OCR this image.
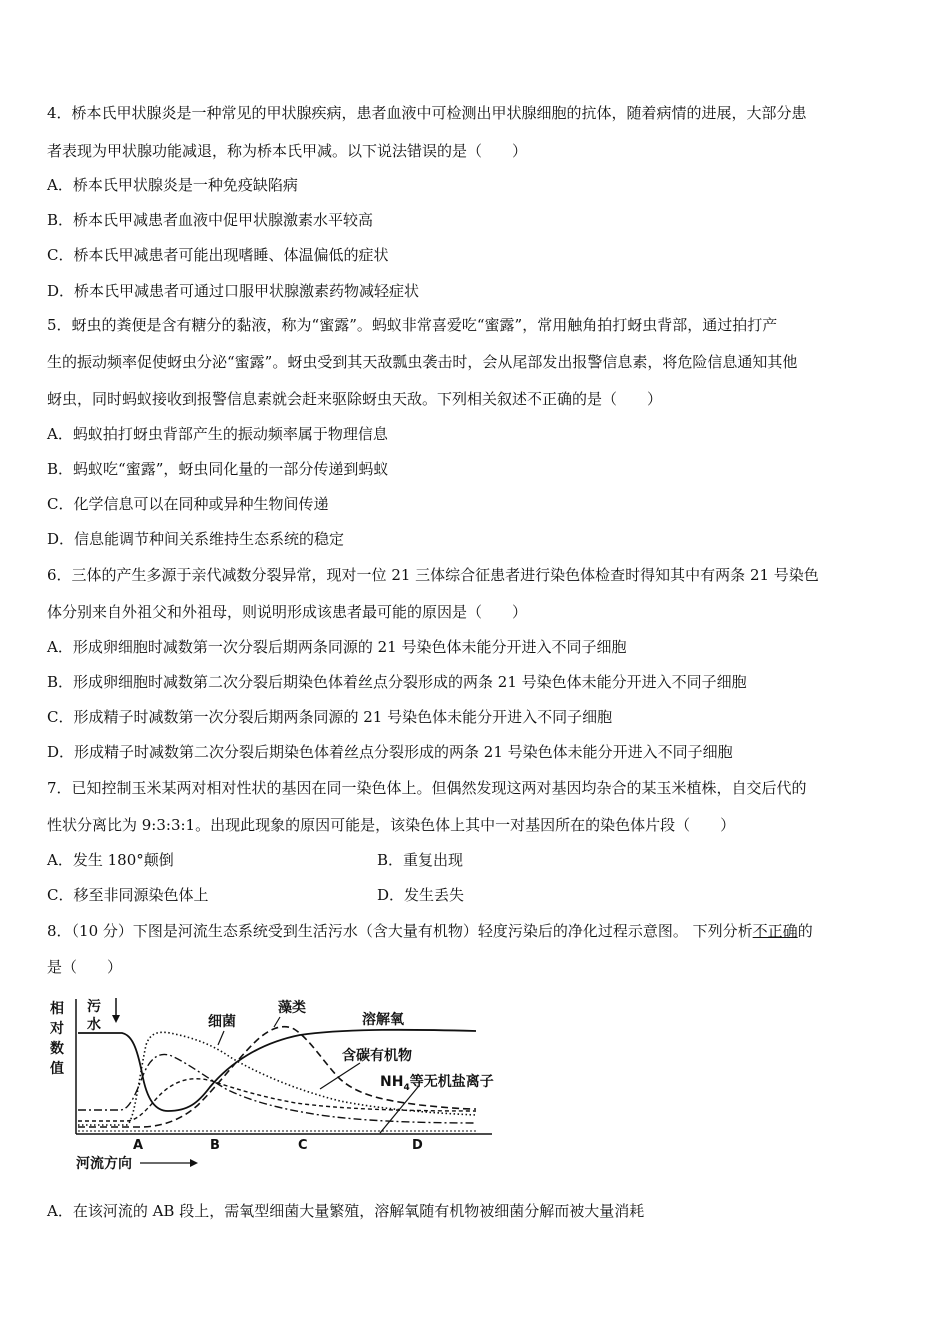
4．桥本氏甲状腺炎是一种常见的甲状腺疾病，患者血液中可检测出甲状腺细胞的抗体，随着病情的进展，大部分患
者表现为甲状腺功能减退，称为桥本氏甲减。以下说法错误的是（　　）
A．桥本氏甲状腺炎是一种免疫缺陷病
B．桥本氏甲减患者血液中促甲状腺激素水平较高
C．桥本氏甲减患者可能出现嗜睡、体温偏低的症状
D．桥本氏甲减患者可通过口服甲状腺激素药物减轻症状
5．蚜虫的粪便是含有糖分的黏液，称为“蜜露”。蚂蚁非常喜爱吃“蜜露”，常用触角拍打蚜虫背部，通过拍打产
生的振动频率促使蚜虫分泌“蜜露”。蚜虫受到其天敌瓢虫袭击时，会从尾部发出报警信息素，将危险信息通知其他
蚜虫，同时蚂蚁接收到报警信息素就会赶来驱除蚜虫天敌。下列相关叙述不正确的是（　　）
A．蚂蚁拍打蚜虫背部产生的振动频率属于物理信息
B．蚂蚁吃“蜜露”，蚜虫同化量的一部分传递到蚂蚁
C．化学信息可以在同种或异种生物间传递
D．信息能调节种间关系维持生态系统的稳定
6．三体的产生多源于亲代减数分裂异常，现对一位 21 三体综合征患者进行染色体检查时得知其中有两条 21 号染色
体分别来自外祖父和外祖母，则说明形成该患者最可能的原因是（　　）
A．形成卵细胞时减数第一次分裂后期两条同源的 21 号染色体未能分开进入不同子细胞
B．形成卵细胞时减数第二次分裂后期染色体着丝点分裂形成的两条 21 号染色体未能分开进入不同子细胞
C．形成精子时减数第一次分裂后期两条同源的 21 号染色体未能分开进入不同子细胞
D．形成精子时减数第二次分裂后期染色体着丝点分裂形成的两条 21 号染色体未能分开进入不同子细胞
7．已知控制玉米某两对相对性状的基因在同一染色体上。但偶然发现这两对基因均杂合的某玉米植株，自交后代的
性状分离比为 9:3:3:1。出现此现象的原因可能是，该染色体上其中一对基因所在的染色体片段（　　）
A．发生 180°颠倒	B．重复出现
C．移至非同源染色体上	D．发生丢失
8．（10 分）下图是河流生态系统受到生活污水（含大量有机物）轻度污染后的净化过程示意图。 下列分析不正确的
是（　　）
相
对
数
值
污
水	细菌
藻类
溶解氧
含碳有机物
$NH_4$等无机盐离子
A	B	C	D
河流方向
A．在该河流的 AB 段上，需氧型细菌大量繁殖，溶解氧随有机物被细菌分解而被大量消耗
